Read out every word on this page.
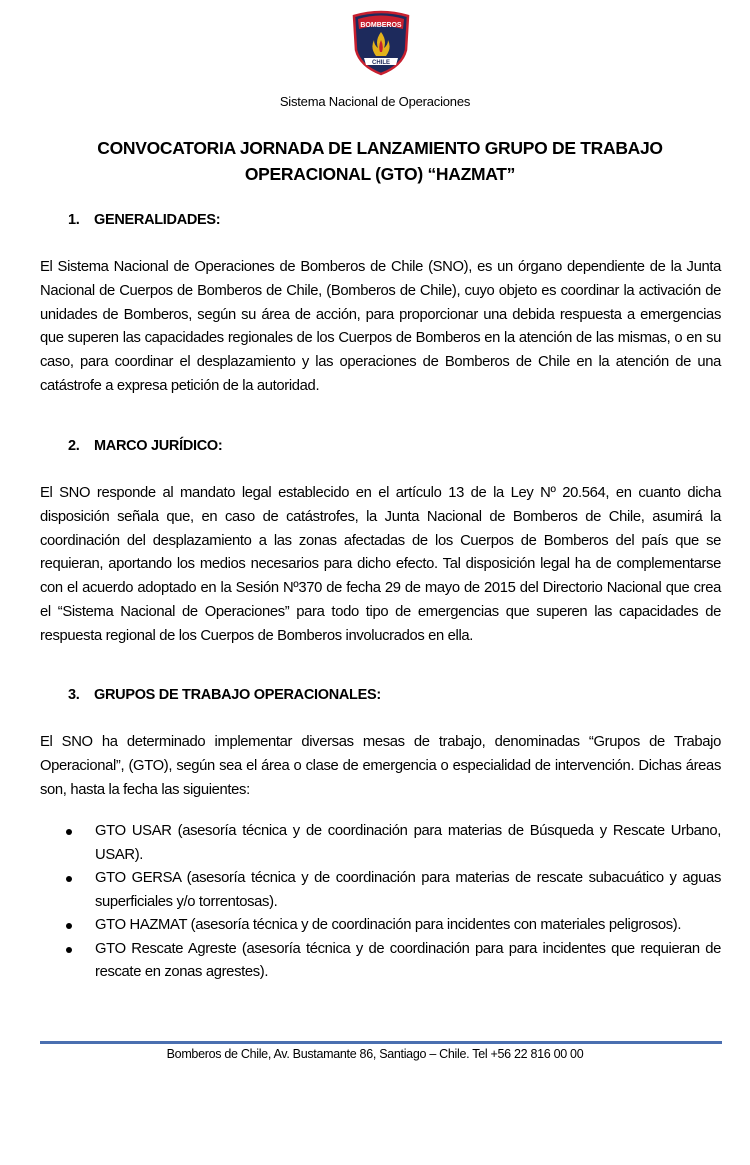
BOMBEROS
CHILE
Sistema Nacional de Operaciones
CONVOCATORIA JORNADA DE LANZAMIENTO GRUPO DE TRABAJO
OPERACIONAL (GTO) “HAZMAT”
1. GENERALIDADES:
El Sistema Nacional de Operaciones de Bomberos de Chile (SNO), es un órgano dependiente de la Junta Nacional de Cuerpos de Bomberos de Chile, (Bomberos de Chile), cuyo objeto es coordinar la activación de unidades de Bomberos, según su área de acción, para proporcionar una debida respuesta a emergencias que superen las capacidades regionales de los Cuerpos de Bomberos en la atención de las mismas, o en su caso, para coordinar el desplazamiento y las operaciones de Bomberos de Chile en la atención de una catástrofe a expresa petición de la autoridad.
2. MARCO JURÍDICO:
El SNO responde al mandato legal establecido en el artículo 13 de la Ley Nº 20.564, en cuanto dicha disposición señala que, en caso de catástrofes, la Junta Nacional de Bomberos de Chile, asumirá la coordinación del desplazamiento a las zonas afectadas de los Cuerpos de Bomberos del país que se requieran, aportando los medios necesarios para dicho efecto. Tal disposición legal ha de complementarse con el acuerdo adoptado en la Sesión Nº370 de fecha 29 de mayo de 2015 del Directorio Nacional que crea el “Sistema Nacional de Operaciones” para todo tipo de emergencias que superen las capacidades de respuesta regional de los Cuerpos de Bomberos involucrados en ella.
3. GRUPOS DE TRABAJO OPERACIONALES:
El SNO ha determinado implementar diversas mesas de trabajo, denominadas “Grupos de Trabajo Operacional”, (GTO), según sea el área o clase de emergencia o especialidad de intervención. Dichas áreas son, hasta la fecha las siguientes:
GTO USAR (asesoría técnica y de coordinación para materias de Búsqueda y Rescate Urbano, USAR).
GTO GERSA (asesoría técnica y de coordinación para materias de rescate subacuático y aguas superficiales y/o torrentosas).
GTO HAZMAT (asesoría técnica y de coordinación para incidentes con materiales peligrosos).
GTO Rescate Agreste (asesoría técnica y de coordinación para para incidentes que requieran de rescate en zonas agrestes).
Bomberos de Chile, Av. Bustamante 86, Santiago – Chile. Tel +56 22 816 00 00
